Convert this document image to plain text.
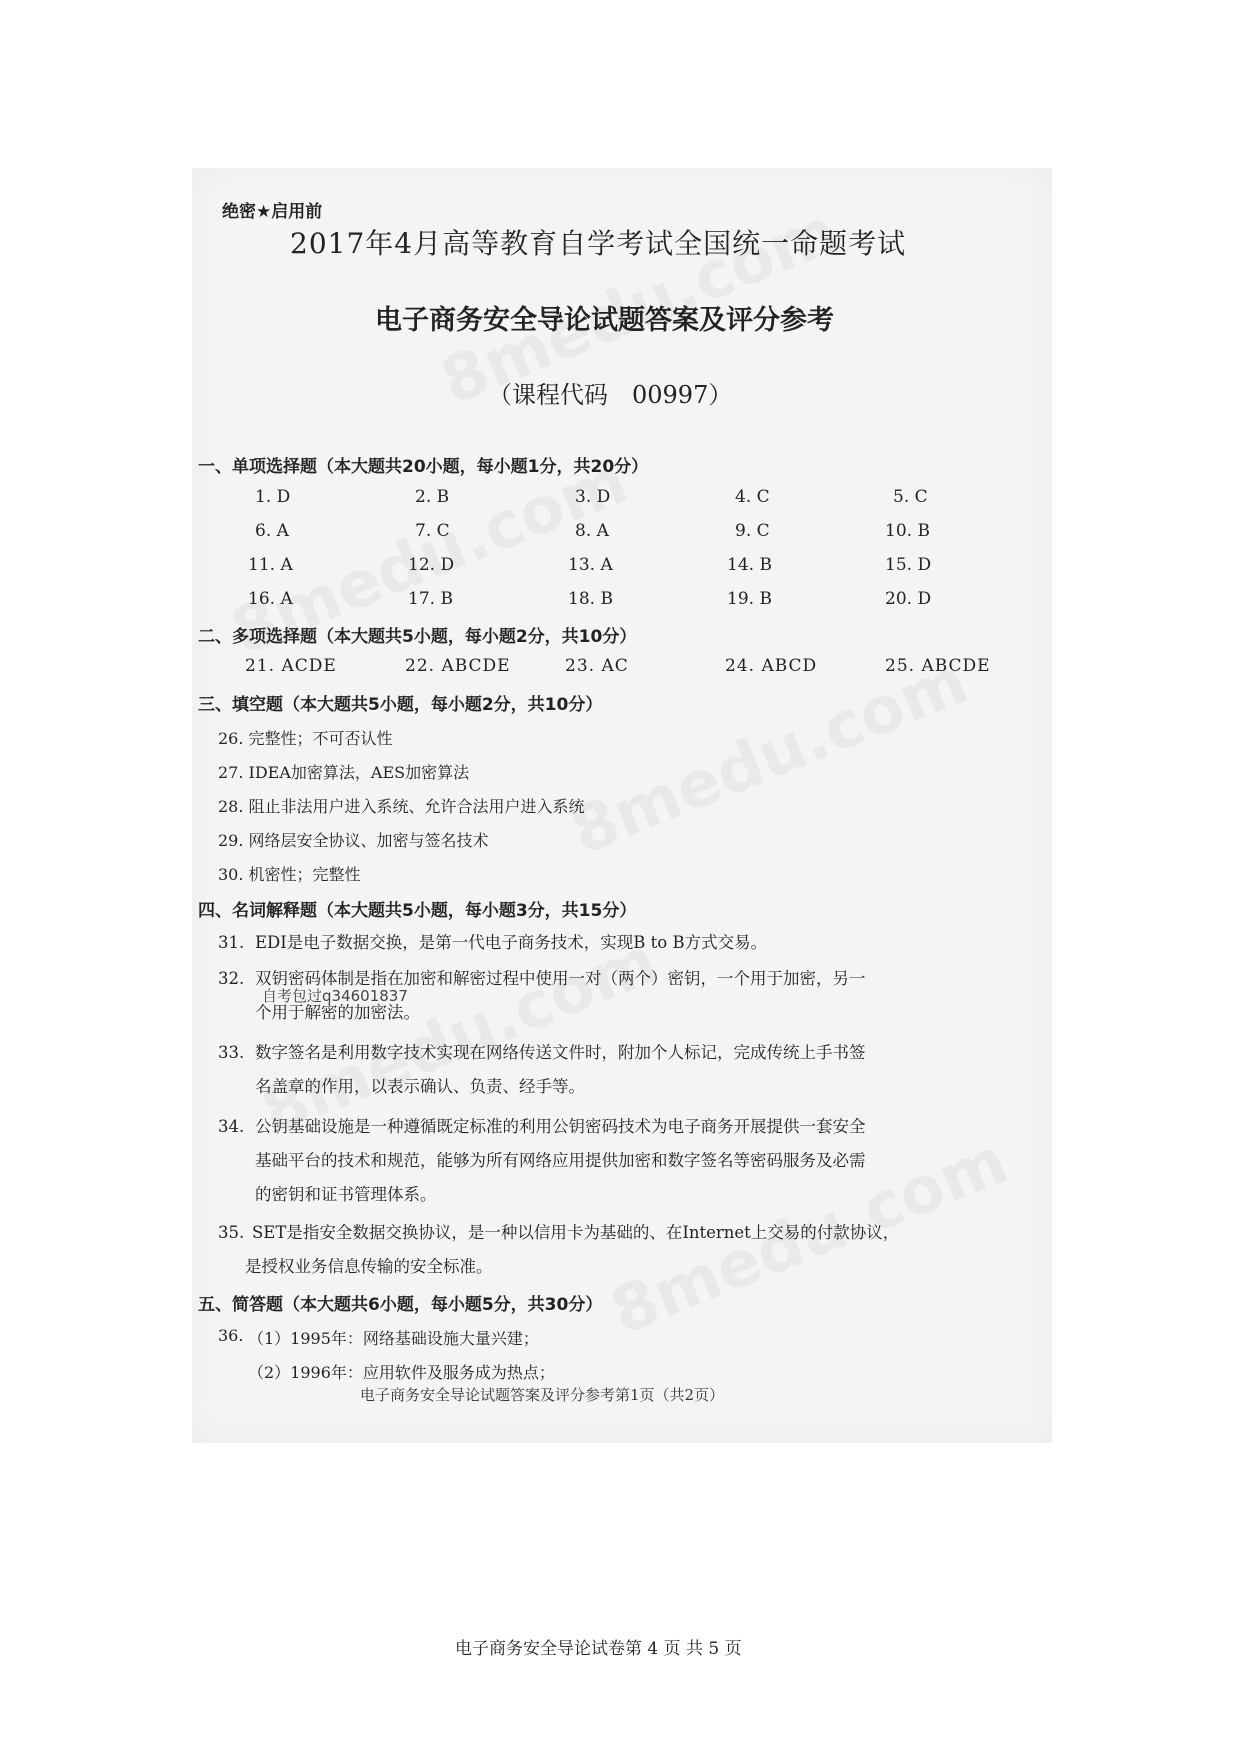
绝密★启用前
2017年4月高等教育自学考试全国统一命题考试
电子商务安全导论试题答案及评分参考
（课程代码　00997）
一、单项选择题（本大题共20小题，每小题1分，共20分）
1. D	2. B	3. D	4. C	5. C
6. A	7. C	8. A	9. C	10. B
11. A	12. D	13. A	14. B	15. D
16. A	17. B	18. B	19. B	20. D
二、多项选择题（本大题共5小题，每小题2分，共10分）
21. ACDE	22. ABCDE	23. AC	24. ABCD	25. ABCDE
三、填空题（本大题共5小题，每小题2分，共10分）
26. 完整性；不可否认性
27. IDEA加密算法，AES加密算法
28. 阻止非法用户进入系统、允许合法用户进入系统
29. 网络层安全协议、加密与签名技术
30. 机密性；完整性
四、名词解释题（本大题共5小题，每小题3分，共15分）
31. EDI是电子数据交换，是第一代电子商务技术，实现B to B方式交易。
32. 双钥密码体制是指在加密和解密过程中使用一对（两个）密钥，一个用于加密，另一
个用于解密的加密法。
自考包过q34601837
33. 数字签名是利用数字技术实现在网络传送文件时，附加个人标记，完成传统上手书签
名盖章的作用，以表示确认、负责、经手等。
34. 公钥基础设施是一种遵循既定标准的利用公钥密码技术为电子商务开展提供一套安全
基础平台的技术和规范，能够为所有网络应用提供加密和数字签名等密码服务及必需
的密钥和证书管理体系。
35. SET是指安全数据交换协议，是一种以信用卡为基础的、在Internet上交易的付款协议，
是授权业务信息传输的安全标准。
五、简答题（本大题共6小题，每小题5分，共30分）
36. （1）1995年：网络基础设施大量兴建；
（2）1996年：应用软件及服务成为热点；
电子商务安全导论试题答案及评分参考第1页（共2页）
电子商务安全导论试卷第 4 页 共 5 页
